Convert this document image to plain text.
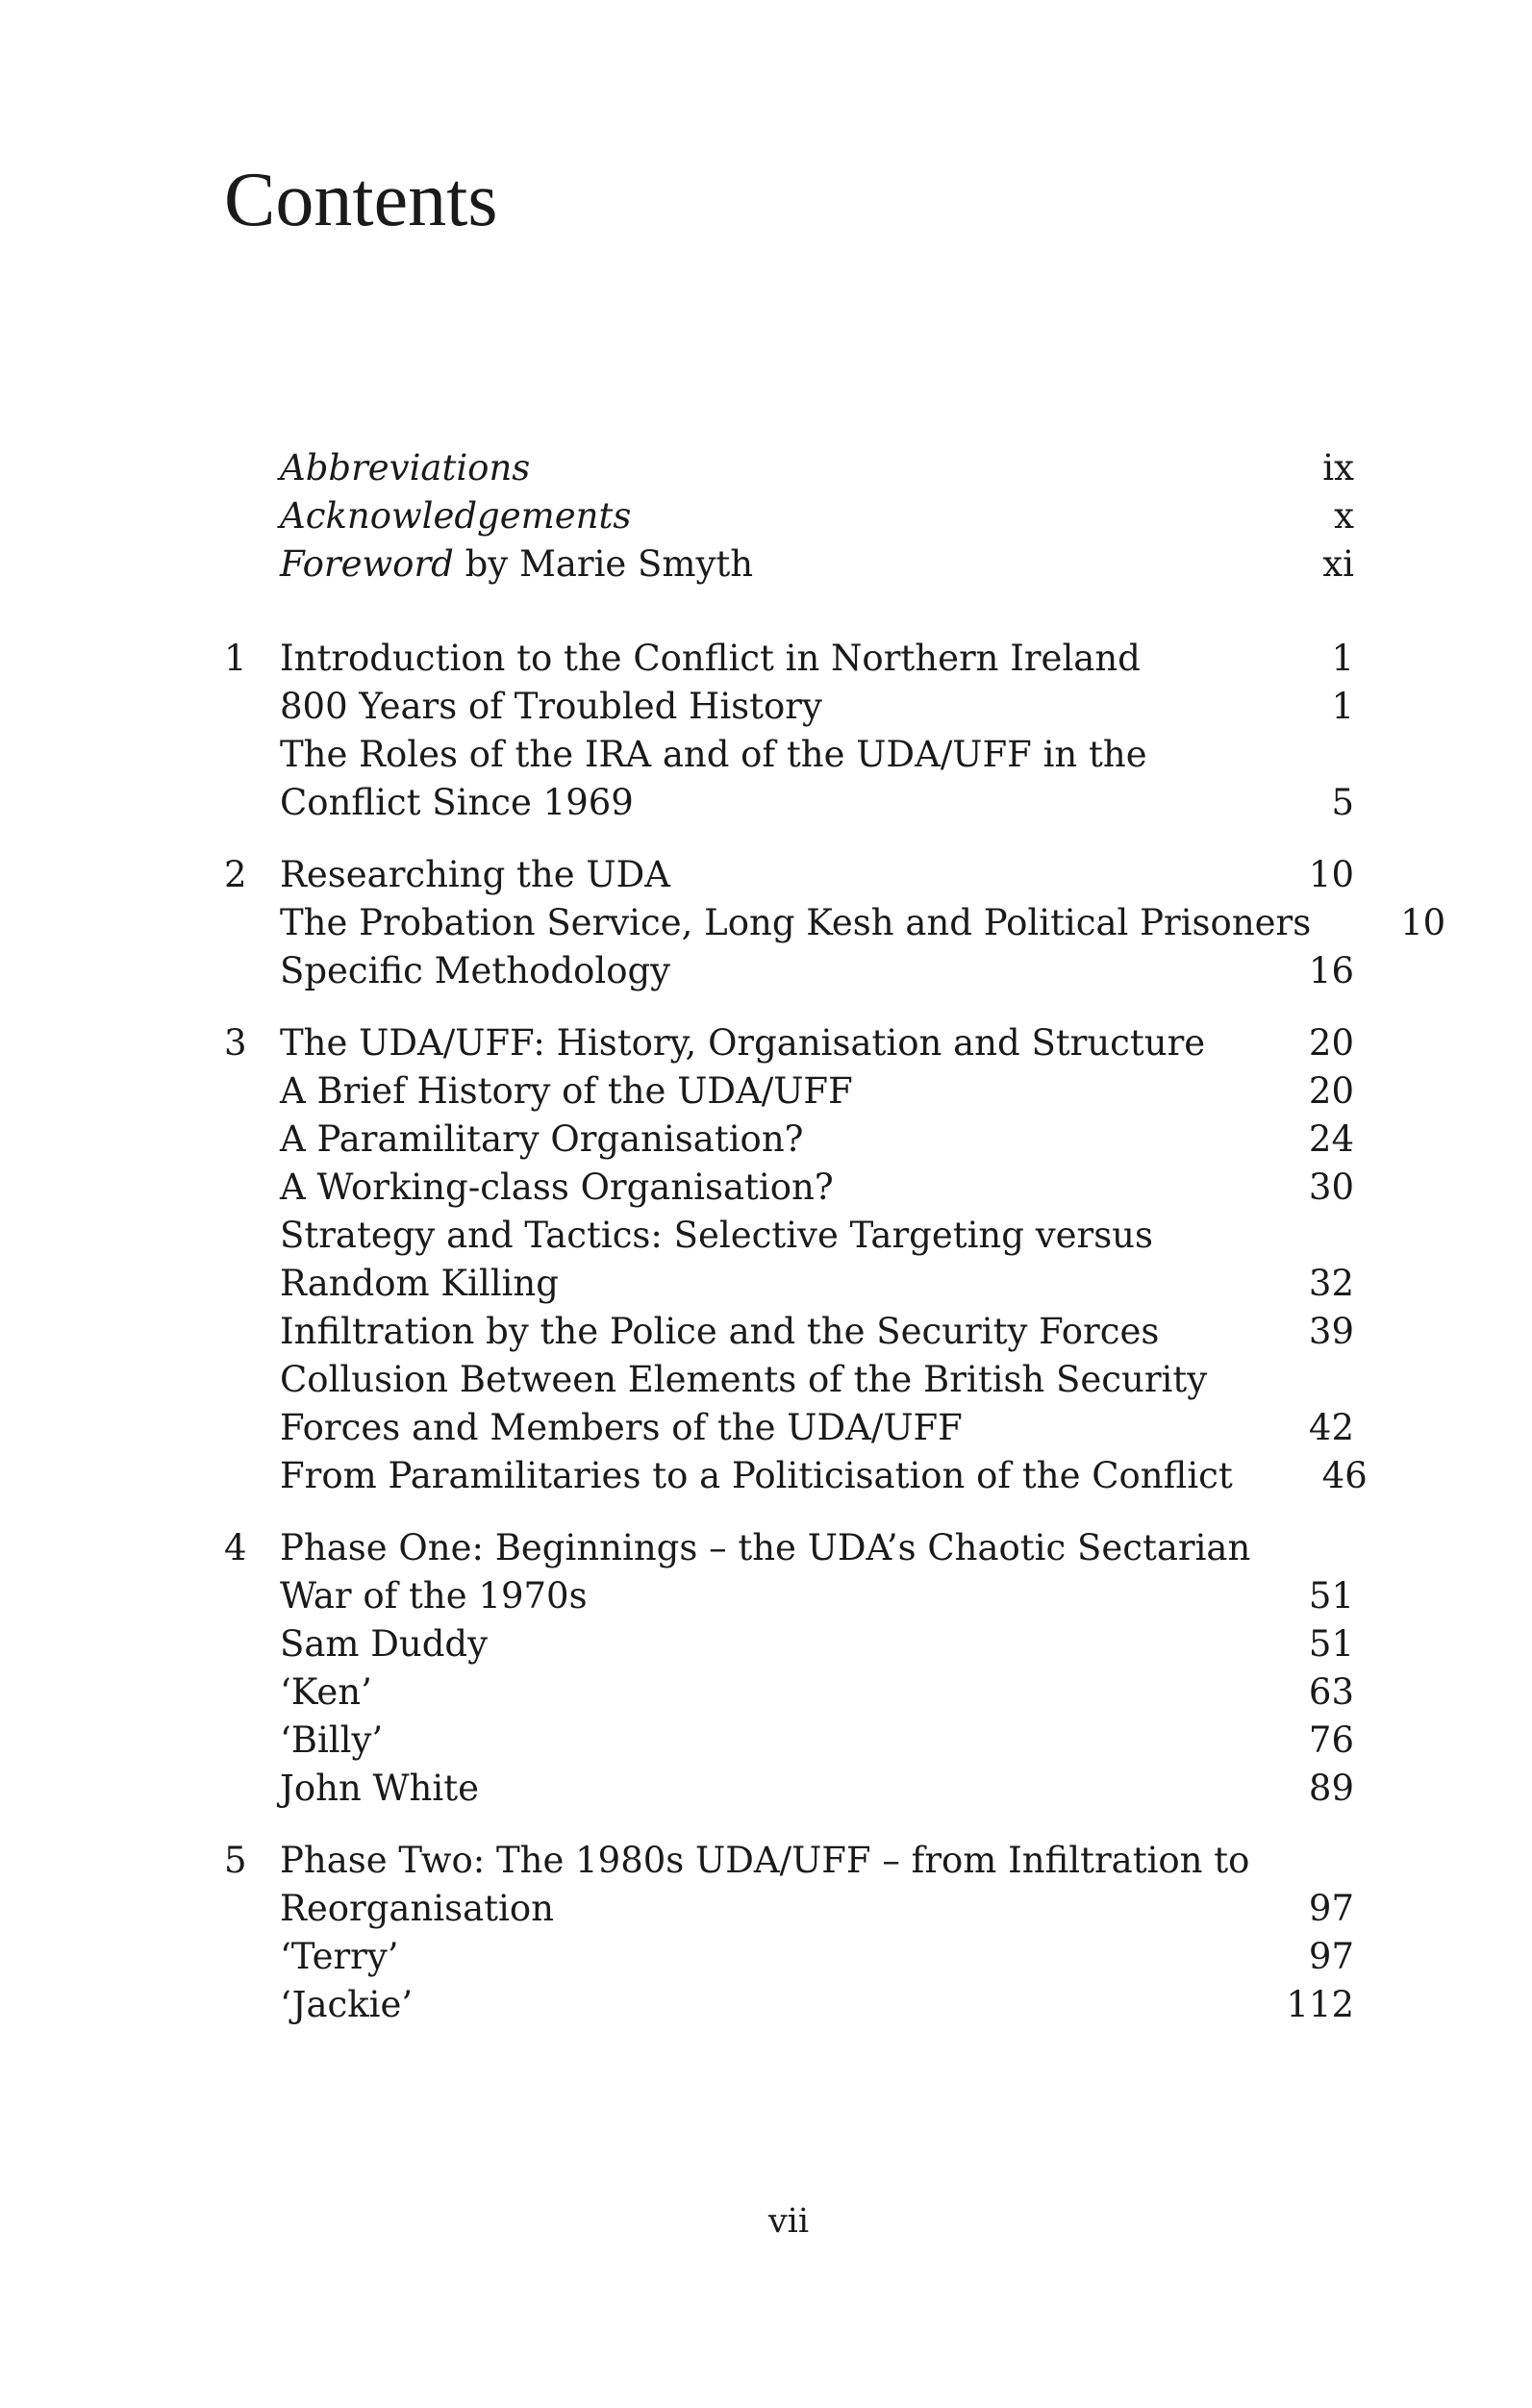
Contents
Abbreviations	ix
Acknowledgements	x
Foreword by Marie Smyth	xi
1 Introduction to the Conflict in Northern Ireland	1
800 Years of Troubled History	1
The Roles of the IRA and of the UDA/UFF in the
Conflict Since 1969	5
2 Researching the UDA	10
The Probation Service, Long Kesh and Political Prisoners	10
Specific Methodology	16
3 The UDA/UFF: History, Organisation and Structure	20
A Brief History of the UDA/UFF	20
A Paramilitary Organisation?	24
A Working-class Organisation?	30
Strategy and Tactics: Selective Targeting versus
Random Killing	32
Infiltration by the Police and the Security Forces	39
Collusion Between Elements of the British Security
Forces and Members of the UDA/UFF	42
From Paramilitaries to a Politicisation of the Conflict	46
4 Phase One: Beginnings – the UDA’s Chaotic Sectarian
War of the 1970s	51
Sam Duddy	51
‘Ken’	63
‘Billy’	76
John White	89
5 Phase Two: The 1980s UDA/UFF – from Infiltration to
Reorganisation	97
‘Terry’	97
‘Jackie’	112
vii
